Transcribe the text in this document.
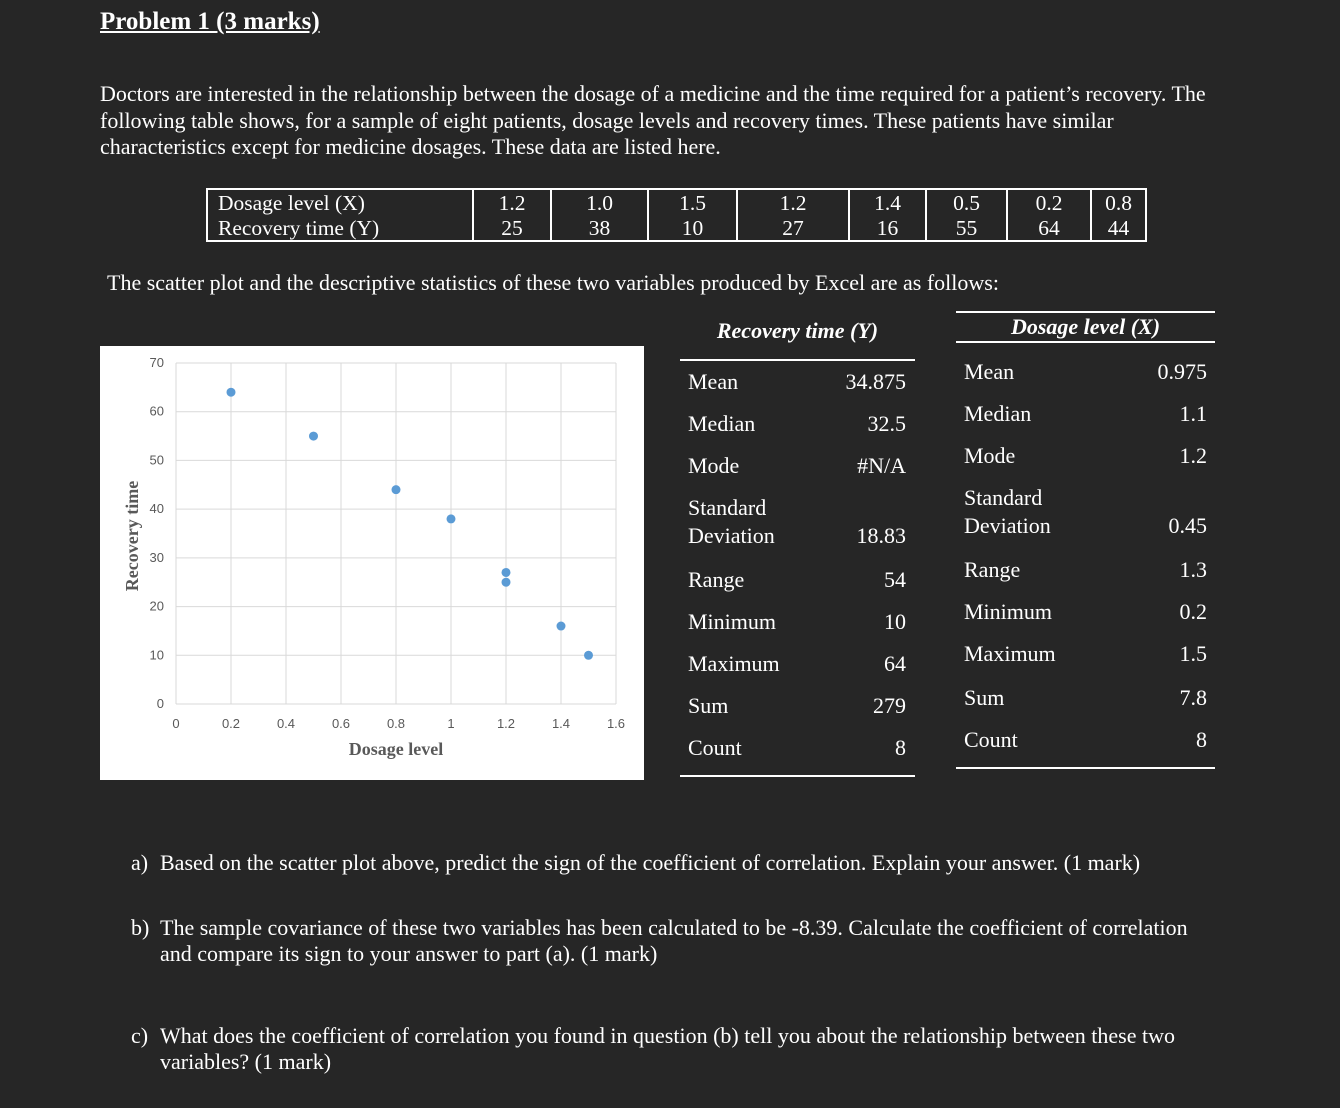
Problem 1 (3 marks)

Doctors are interested in the relationship between the dosage of a medicine and the time required for a patient’s recovery. The

following table shows, for a sample of eight patients, dosage levels and recovery times. These patients have similar

characteristics except for medicine dosages. These data are listed here.

Dosage level (X)	1.2	1.0	1.5	1.2	1.4	0.5	0.2	0.8
Recovery time (Y)	25	38	10	27	16	55	64	44
The scatter plot and the descriptive statistics of these two variables produced by Excel are as follows:
0
10
20
30
40
50
60
70
0	0.2	0.4	0.6	0.8	1	1.2	1.4	1.6
Dosage level
Recovery time
Recovery time (Y)
Mean	34.875
Median	32.5
Mode	#N/A
Standard
Deviation	18.83
Range	54
Minimum	10
Maximum	64
Sum	279
Count	8
Dosage level (X)
Mean	0.975
Median	1.1
Mode	1.2
Standard
Deviation	0.45
Range	1.3
Minimum	0.2
Maximum	1.5
Sum	7.8
Count	8
a) Based on the scatter plot above, predict the sign of the coefficient of correlation. Explain your answer. (1 mark)
b) The sample covariance of these two variables has been calculated to be -8.39. Calculate the coefficient of correlation
and compare its sign to your answer to part (a). (1 mark)
c) What does the coefficient of correlation you found in question (b) tell you about the relationship between these two
variables? (1 mark)
